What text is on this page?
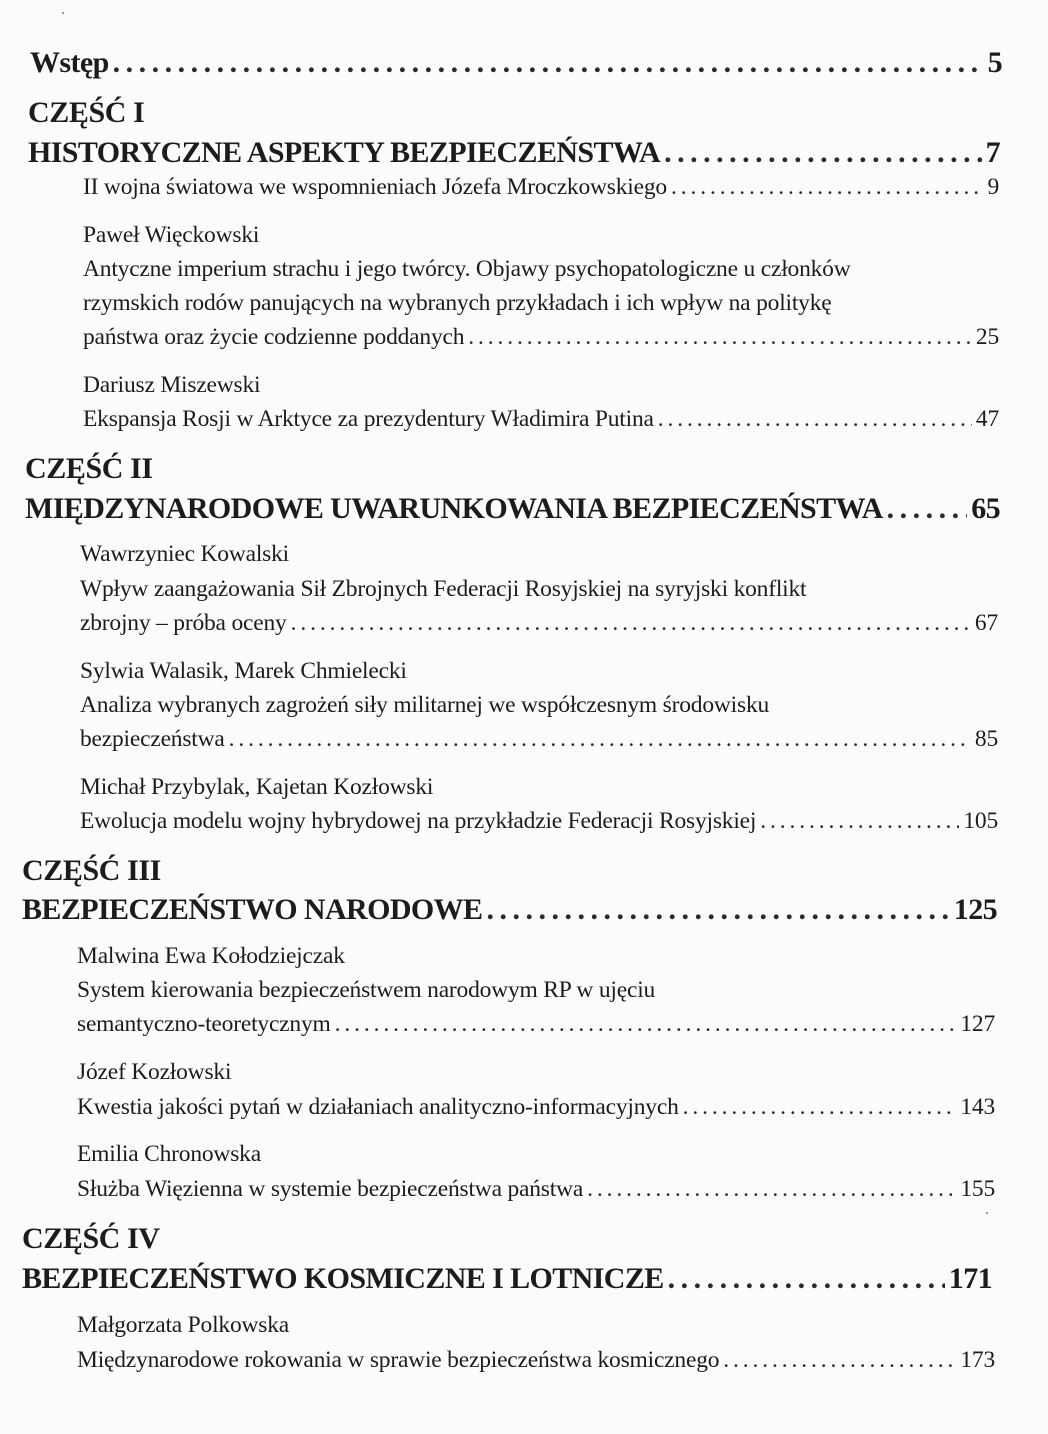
Wstęp . . .	5
CZĘŚĆ I
HISTORYCZNE ASPEKTY BEZPIECZEŃSTWA . . .	7
II wojna światowa we wspomnieniach Józefa Mroczkowskiego . . .	9
Paweł Więckowski
Antyczne imperium strachu i jego twórcy. Objawy psychopatologiczne u członków
rzymskich rodów panujących na wybranych przykładach i ich wpływ na politykę
państwa oraz życie codzienne poddanych . . .	25
Dariusz Miszewski
Ekspansja Rosji w Arktyce za prezydentury Władimira Putina . . .	47
CZĘŚĆ II
MIĘDZYNARODOWE UWARUNKOWANIA BEZPIECZEŃSTWA . . .	65
Wawrzyniec Kowalski
Wpływ zaangażowania Sił Zbrojnych Federacji Rosyjskiej na syryjski konflikt
zbrojny – próba oceny . . .	67
Sylwia Walasik, Marek Chmielecki
Analiza wybranych zagrożeń siły militarnej we współczesnym środowisku
bezpieczeństwa . . .	85
Michał Przybylak, Kajetan Kozłowski
Ewolucja modelu wojny hybrydowej na przykładzie Federacji Rosyjskiej . . .	105
CZĘŚĆ III
BEZPIECZEŃSTWO NARODOWE . . .	125
Malwina Ewa Kołodziejczak
System kierowania bezpieczeństwem narodowym RP w ujęciu
semantyczno-teoretycznym . . .	127
Józef Kozłowski
Kwestia jakości pytań w działaniach analityczno-informacyjnych . . .	143
Emilia Chronowska
Służba Więzienna w systemie bezpieczeństwa państwa . . .	155
CZĘŚĆ IV
BEZPIECZEŃSTWO KOSMICZNE I LOTNICZE . . .	171
Małgorzata Polkowska
Międzynarodowe rokowania w sprawie bezpieczeństwa kosmicznego . . .	173
